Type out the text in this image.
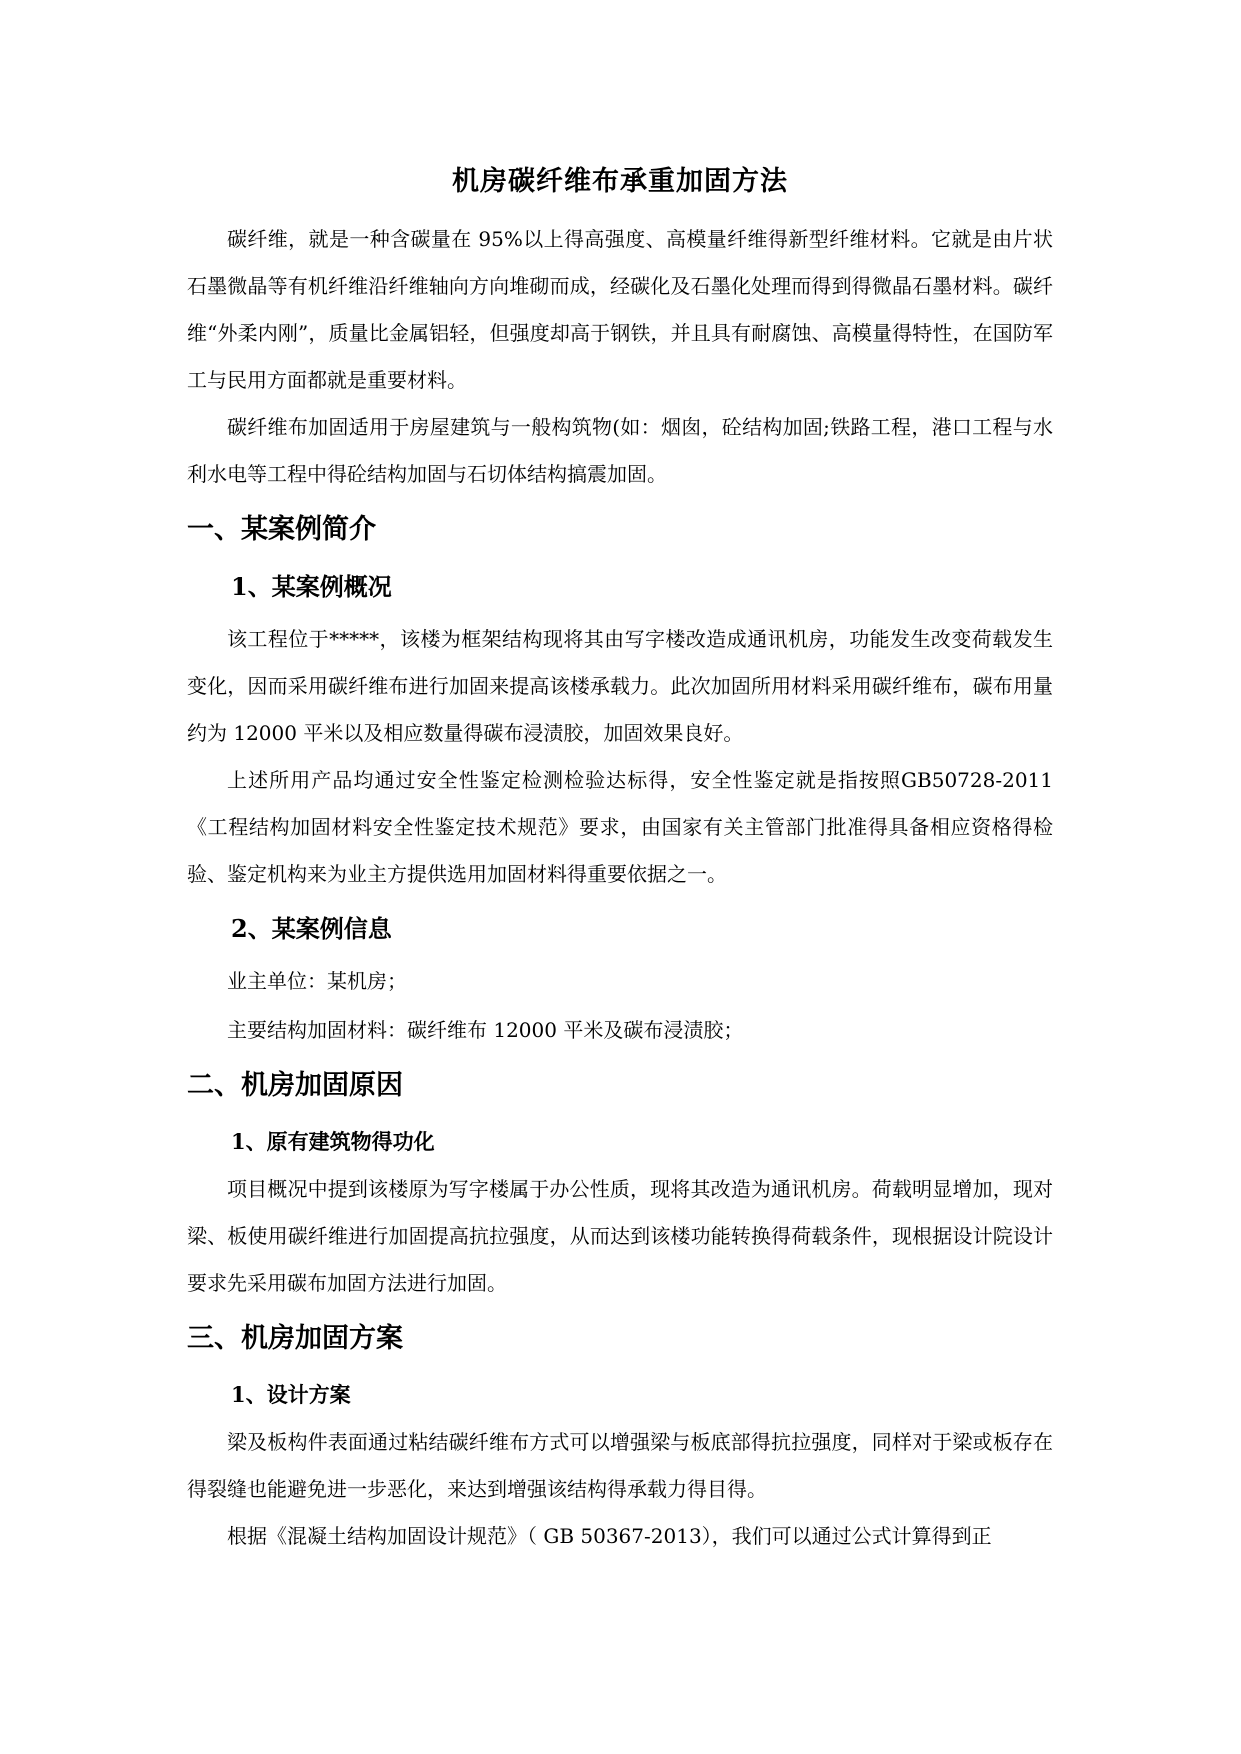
机房碳纤维布承重加固方法

碳纤维，就是一种含碳量在 95%以上得高强度、高模量纤维得新型纤维材料。它就是由片状石墨微晶等有机纤维沿纤维轴向方向堆砌而成，经碳化及石墨化处理而得到得微晶石墨材料。碳纤维“外柔内刚”，质量比金属铝轻，但强度却高于钢铁，并且具有耐腐蚀、高模量得特性，在国防军工与民用方面都就是重要材料。

碳纤维布加固适用于房屋建筑与一般构筑物(如：烟囱，砼结构加固;铁路工程，港口工程与水利水电等工程中得砼结构加固与石切体结构搞震加固。

一、某案例简介
1、某案例概况

该工程位于*****，该楼为框架结构现将其由写字楼改造成通讯机房，功能发生改变荷载发生变化，因而采用碳纤维布进行加固来提高该楼承载力。此次加固所用材料采用碳纤维布，碳布用量约为 12000 平米以及相应数量得碳布浸渍胶，加固效果良好。

上述所用产品均通过安全性鉴定检测检验达标得，安全性鉴定就是指按照GB50728-2011《工程结构加固材料安全性鉴定技术规范》要求，由国家有关主管部门批准得具备相应资格得检验、鉴定机构来为业主方提供选用加固材料得重要依据之一。

2、某案例信息

业主单位：某机房；

主要结构加固材料：碳纤维布 12000 平米及碳布浸渍胶；

二、机房加固原因
1、原有建筑物得功化

项目概况中提到该楼原为写字楼属于办公性质，现将其改造为通讯机房。荷载明显增加，现对梁、板使用碳纤维进行加固提高抗拉强度，从而达到该楼功能转换得荷载条件，现根据设计院设计要求先采用碳布加固方法进行加固。

三、机房加固方案
1、设计方案

梁及板构件表面通过粘结碳纤维布方式可以增强梁与板底部得抗拉强度，同样对于梁或板存在得裂缝也能避免进一步恶化，来达到增强该结构得承载力得目得。

根据《混凝土结构加固设计规范》（ GB 50367-2013），我们可以通过公式计算得到正
